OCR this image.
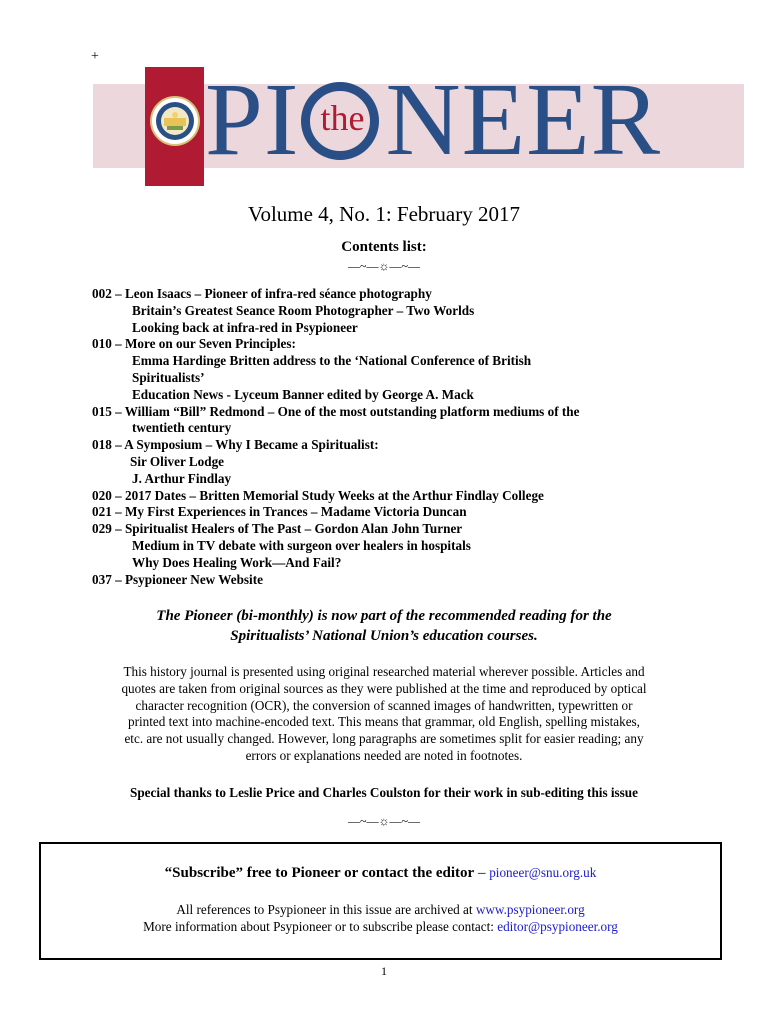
+
PI the NEER
Volume 4, No. 1: February 2017
Contents list:
—~—☼—~—
002 – Leon Isaacs – Pioneer of infra-red séance photography
Britain’s Greatest Seance Room Photographer – Two Worlds
Looking back at infra-red in Psypioneer
010 – More on our Seven Principles:
Emma Hardinge Britten address to the ‘National Conference of British
Spiritualists’
Education News - Lyceum Banner edited by George A. Mack
015 – William “Bill” Redmond – One of the most outstanding platform mediums of the
twentieth century
018 – A Symposium – Why I Became a Spiritualist:
Sir Oliver Lodge
J. Arthur Findlay
020 – 2017 Dates – Britten Memorial Study Weeks at the Arthur Findlay College
021 – My First Experiences in Trances – Madame Victoria Duncan
029 – Spiritualist Healers of The Past – Gordon Alan John Turner
Medium in TV debate with surgeon over healers in hospitals
Why Does Healing Work—And Fail?
037 – Psypioneer New Website
The Pioneer (bi-monthly) is now part of the recommended reading for the
Spiritualists’ National Union’s education courses.
This history journal is presented using original researched material wherever possible. Articles and
quotes are taken from original sources as they were published at the time and reproduced by optical
character recognition (OCR), the conversion of scanned images of handwritten, typewritten or
printed text into machine-encoded text. This means that grammar, old English, spelling mistakes,
etc. are not usually changed. However, long paragraphs are sometimes split for easier reading; any
errors or explanations needed are noted in footnotes.
Special thanks to Leslie Price and Charles Coulston for their work in sub-editing this issue
—~—☼—~—
“Subscribe” free to Pioneer or contact the editor – pioneer@snu.org.uk
All references to Psypioneer in this issue are archived at www.psypioneer.org
More information about Psypioneer or to subscribe please contact: editor@psypioneer.org
1
